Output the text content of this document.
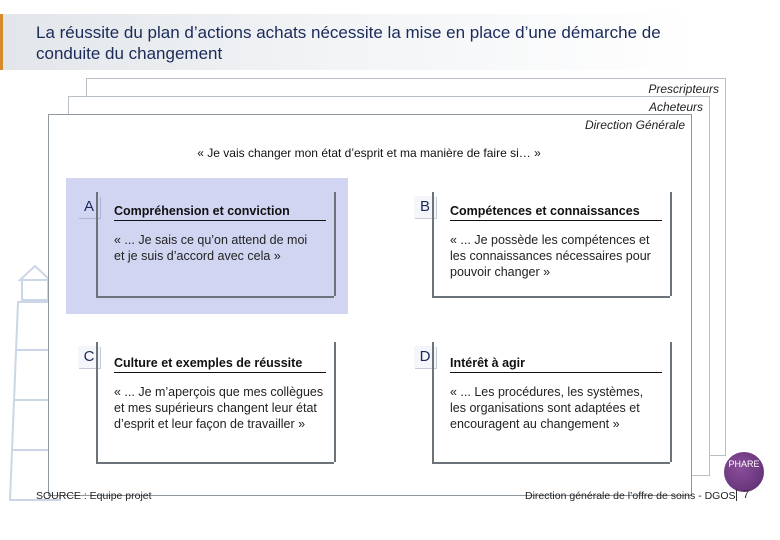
La réussite du plan d’actions achats nécessite la mise en place d’une démarche de conduite du changement
Prescripteurs
Acheteurs
Direction Générale
« Je vais changer mon état d’esprit et ma manière de faire si… »
A	Compréhension et conviction
« ... Je sais ce qu’on attend de moi et je suis d’accord avec cela »
B	Compétences et connaissances
« ... Je possède les compétences et les connaissances nécessaires pour pouvoir changer »
C	Culture et exemples de réussite
« ... Je m’aperçois que mes collègues et mes supérieurs changent leur état d’esprit et leur façon de travailler »
D	Intérêt à agir
« ... Les procédures, les systèmes, les organisations sont adaptées et encouragent au changement »
SOURCE : Equipe projet
PHARE
Direction générale de l’offre de soins - DGOS 7
